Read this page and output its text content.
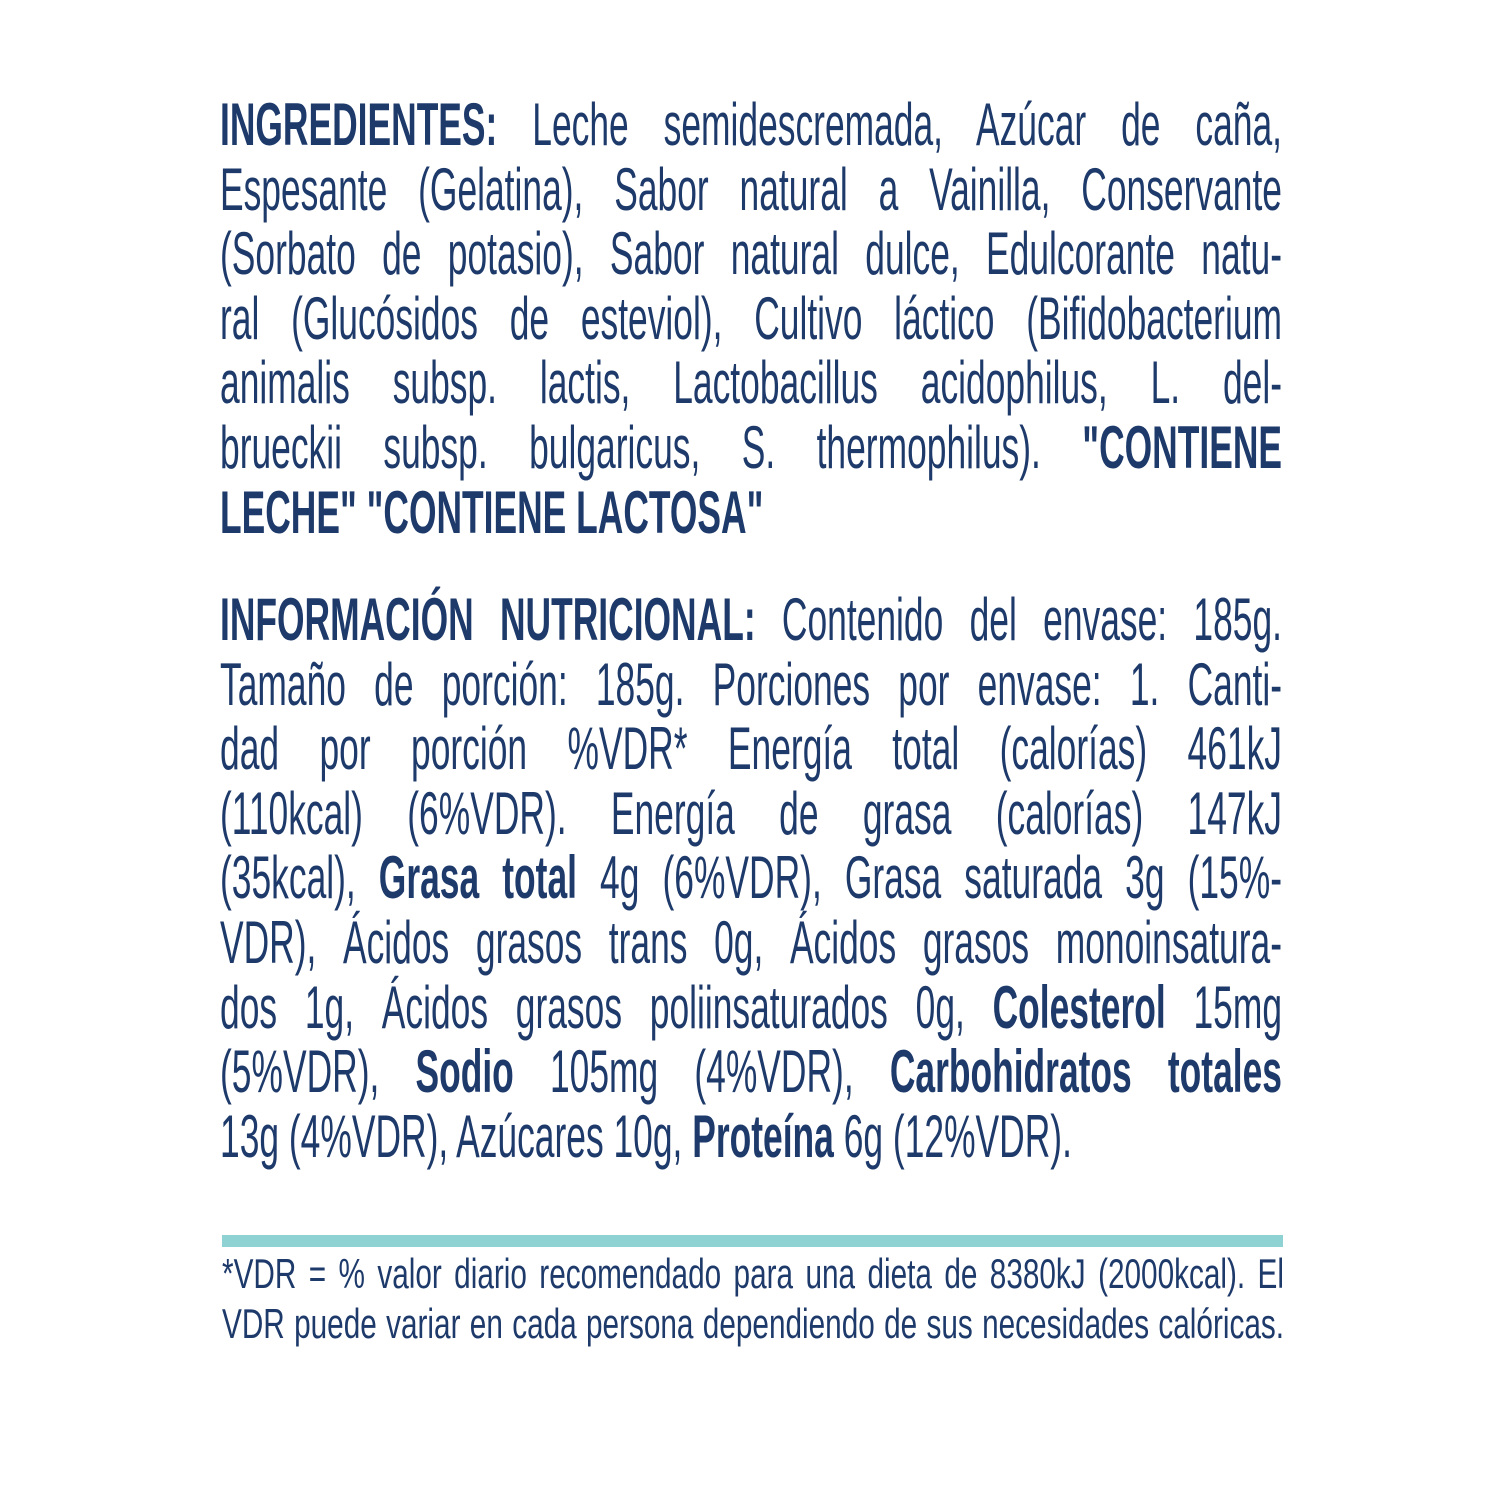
INGREDIENTES: Leche semidescremada, Azúcar de caña,
Espesante (Gelatina), Sabor natural a Vainilla, Conservante
(Sorbato de potasio), Sabor natural dulce, Edulcorante natu-
ral (Glucósidos de esteviol), Cultivo láctico (Bifidobacterium
animalis subsp. lactis, Lactobacillus acidophilus, L. del-
brueckii subsp. bulgaricus, S. thermophilus). "CONTIENE
LECHE" "CONTIENE LACTOSA"
INFORMACIÓN NUTRICIONAL: Contenido del envase: 185g.
Tamaño de porción: 185g. Porciones por envase: 1. Canti-
dad por porción %VDR* Energía total (calorías) 461kJ
(110kcal) (6%VDR). Energía de grasa (calorías) 147kJ
(35kcal), Grasa total 4g (6%VDR), Grasa saturada 3g (15%-
VDR), Ácidos grasos trans 0g, Ácidos grasos monoinsatura-
dos 1g, Ácidos grasos poliinsaturados 0g, Colesterol 15mg
(5%VDR), Sodio 105mg (4%VDR), Carbohidratos totales
13g (4%VDR), Azúcares 10g, Proteína 6g (12%VDR).
*VDR = % valor diario recomendado para una dieta de 8380kJ (2000kcal). El
VDR puede variar en cada persona dependiendo de sus necesidades calóricas.
